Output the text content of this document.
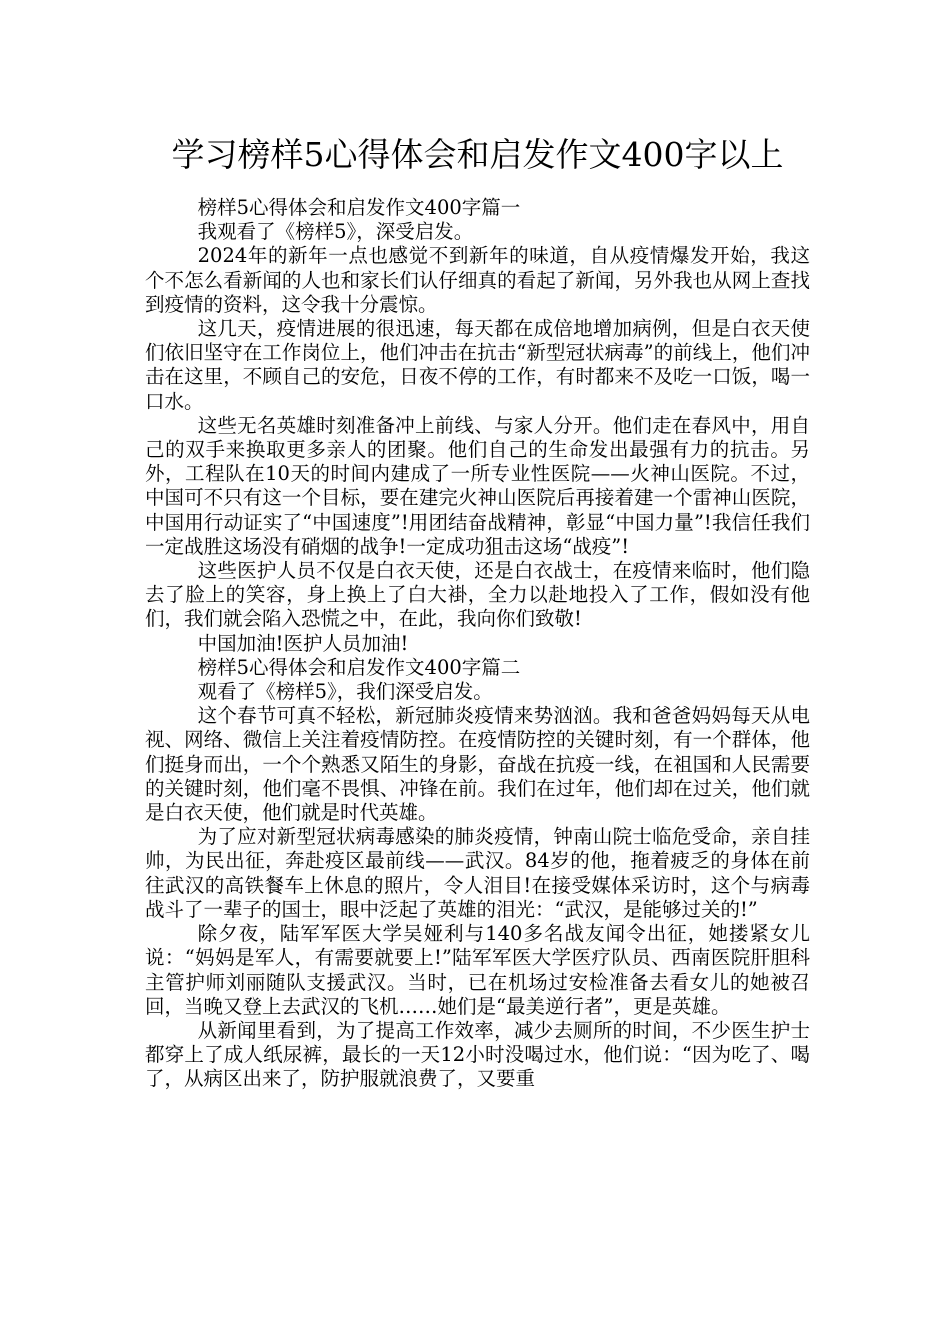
学习榜样5心得体会和启发作文400字以上

榜样5心得体会和启发作文400字篇一

我观看了《榜样5》，深受启发。

2024年的新年一点也感觉不到新年的味道，自从疫情爆发开始，我这个不怎么看新闻的人也和家长们认仔细真的看起了新闻，另外我也从网上查找到疫情的资料，这令我十分震惊。

这几天，疫情进展的很迅速，每天都在成倍地增加病例，但是白衣天使们依旧坚守在工作岗位上，他们冲击在抗击“新型冠状病毒”的前线上，他们冲击在这里，不顾自己的安危，日夜不停的工作，有时都来不及吃一口饭，喝一口水。

这些无名英雄时刻准备冲上前线、与家人分开。他们走在春风中，用自己的双手来换取更多亲人的团聚。他们自己的生命发出最强有力的抗击。另外，工程队在10天的时间内建成了一所专业性医院——火神山医院。不过，中国可不只有这一个目标，要在建完火神山医院后再接着建一个雷神山医院，中国用行动证实了“中国速度”!用团结奋战精神，彰显“中国力量”!我信任我们一定战胜这场没有硝烟的战争!一定成功狙击这场“战疫”!

这些医护人员不仅是白衣天使，还是白衣战士，在疫情来临时，他们隐去了脸上的笑容，身上换上了白大褂，全力以赴地投入了工作，假如没有他们，我们就会陷入恐慌之中，在此，我向你们致敬!

中国加油!医护人员加油!

榜样5心得体会和启发作文400字篇二

观看了《榜样5》，我们深受启发。

这个春节可真不轻松，新冠肺炎疫情来势汹汹。我和爸爸妈妈每天从电视、网络、微信上关注着疫情防控。在疫情防控的关键时刻，有一个群体，他们挺身而出，一个个熟悉又陌生的身影，奋战在抗疫一线，在祖国和人民需要的关键时刻，他们毫不畏惧、冲锋在前。我们在过年，他们却在过关，他们就是白衣天使，他们就是时代英雄。

为了应对新型冠状病毒感染的肺炎疫情，钟南山院士临危受命，亲自挂帅，为民出征，奔赴疫区最前线——武汉。84岁的他，拖着疲乏的身体在前往武汉的高铁餐车上休息的照片，令人泪目!在接受媒体采访时，这个与病毒战斗了一辈子的国士，眼中泛起了英雄的泪光：“武汉，是能够过关的!”

除夕夜，陆军军医大学吴娅利与140多名战友闻令出征，她搂紧女儿说：“妈妈是军人，有需要就要上!”陆军军医大学医疗队员、西南医院肝胆科主管护师刘丽随队支援武汉。当时，已在机场过安检准备去看女儿的她被召回，当晚又登上去武汉的飞机……她们是“最美逆行者”，更是英雄。

从新闻里看到，为了提高工作效率，减少去厕所的时间，不少医生护士都穿上了成人纸尿裤，最长的一天12小时没喝过水，他们说：“因为吃了、喝了，从病区出来了，防护服就浪费了，又要重
